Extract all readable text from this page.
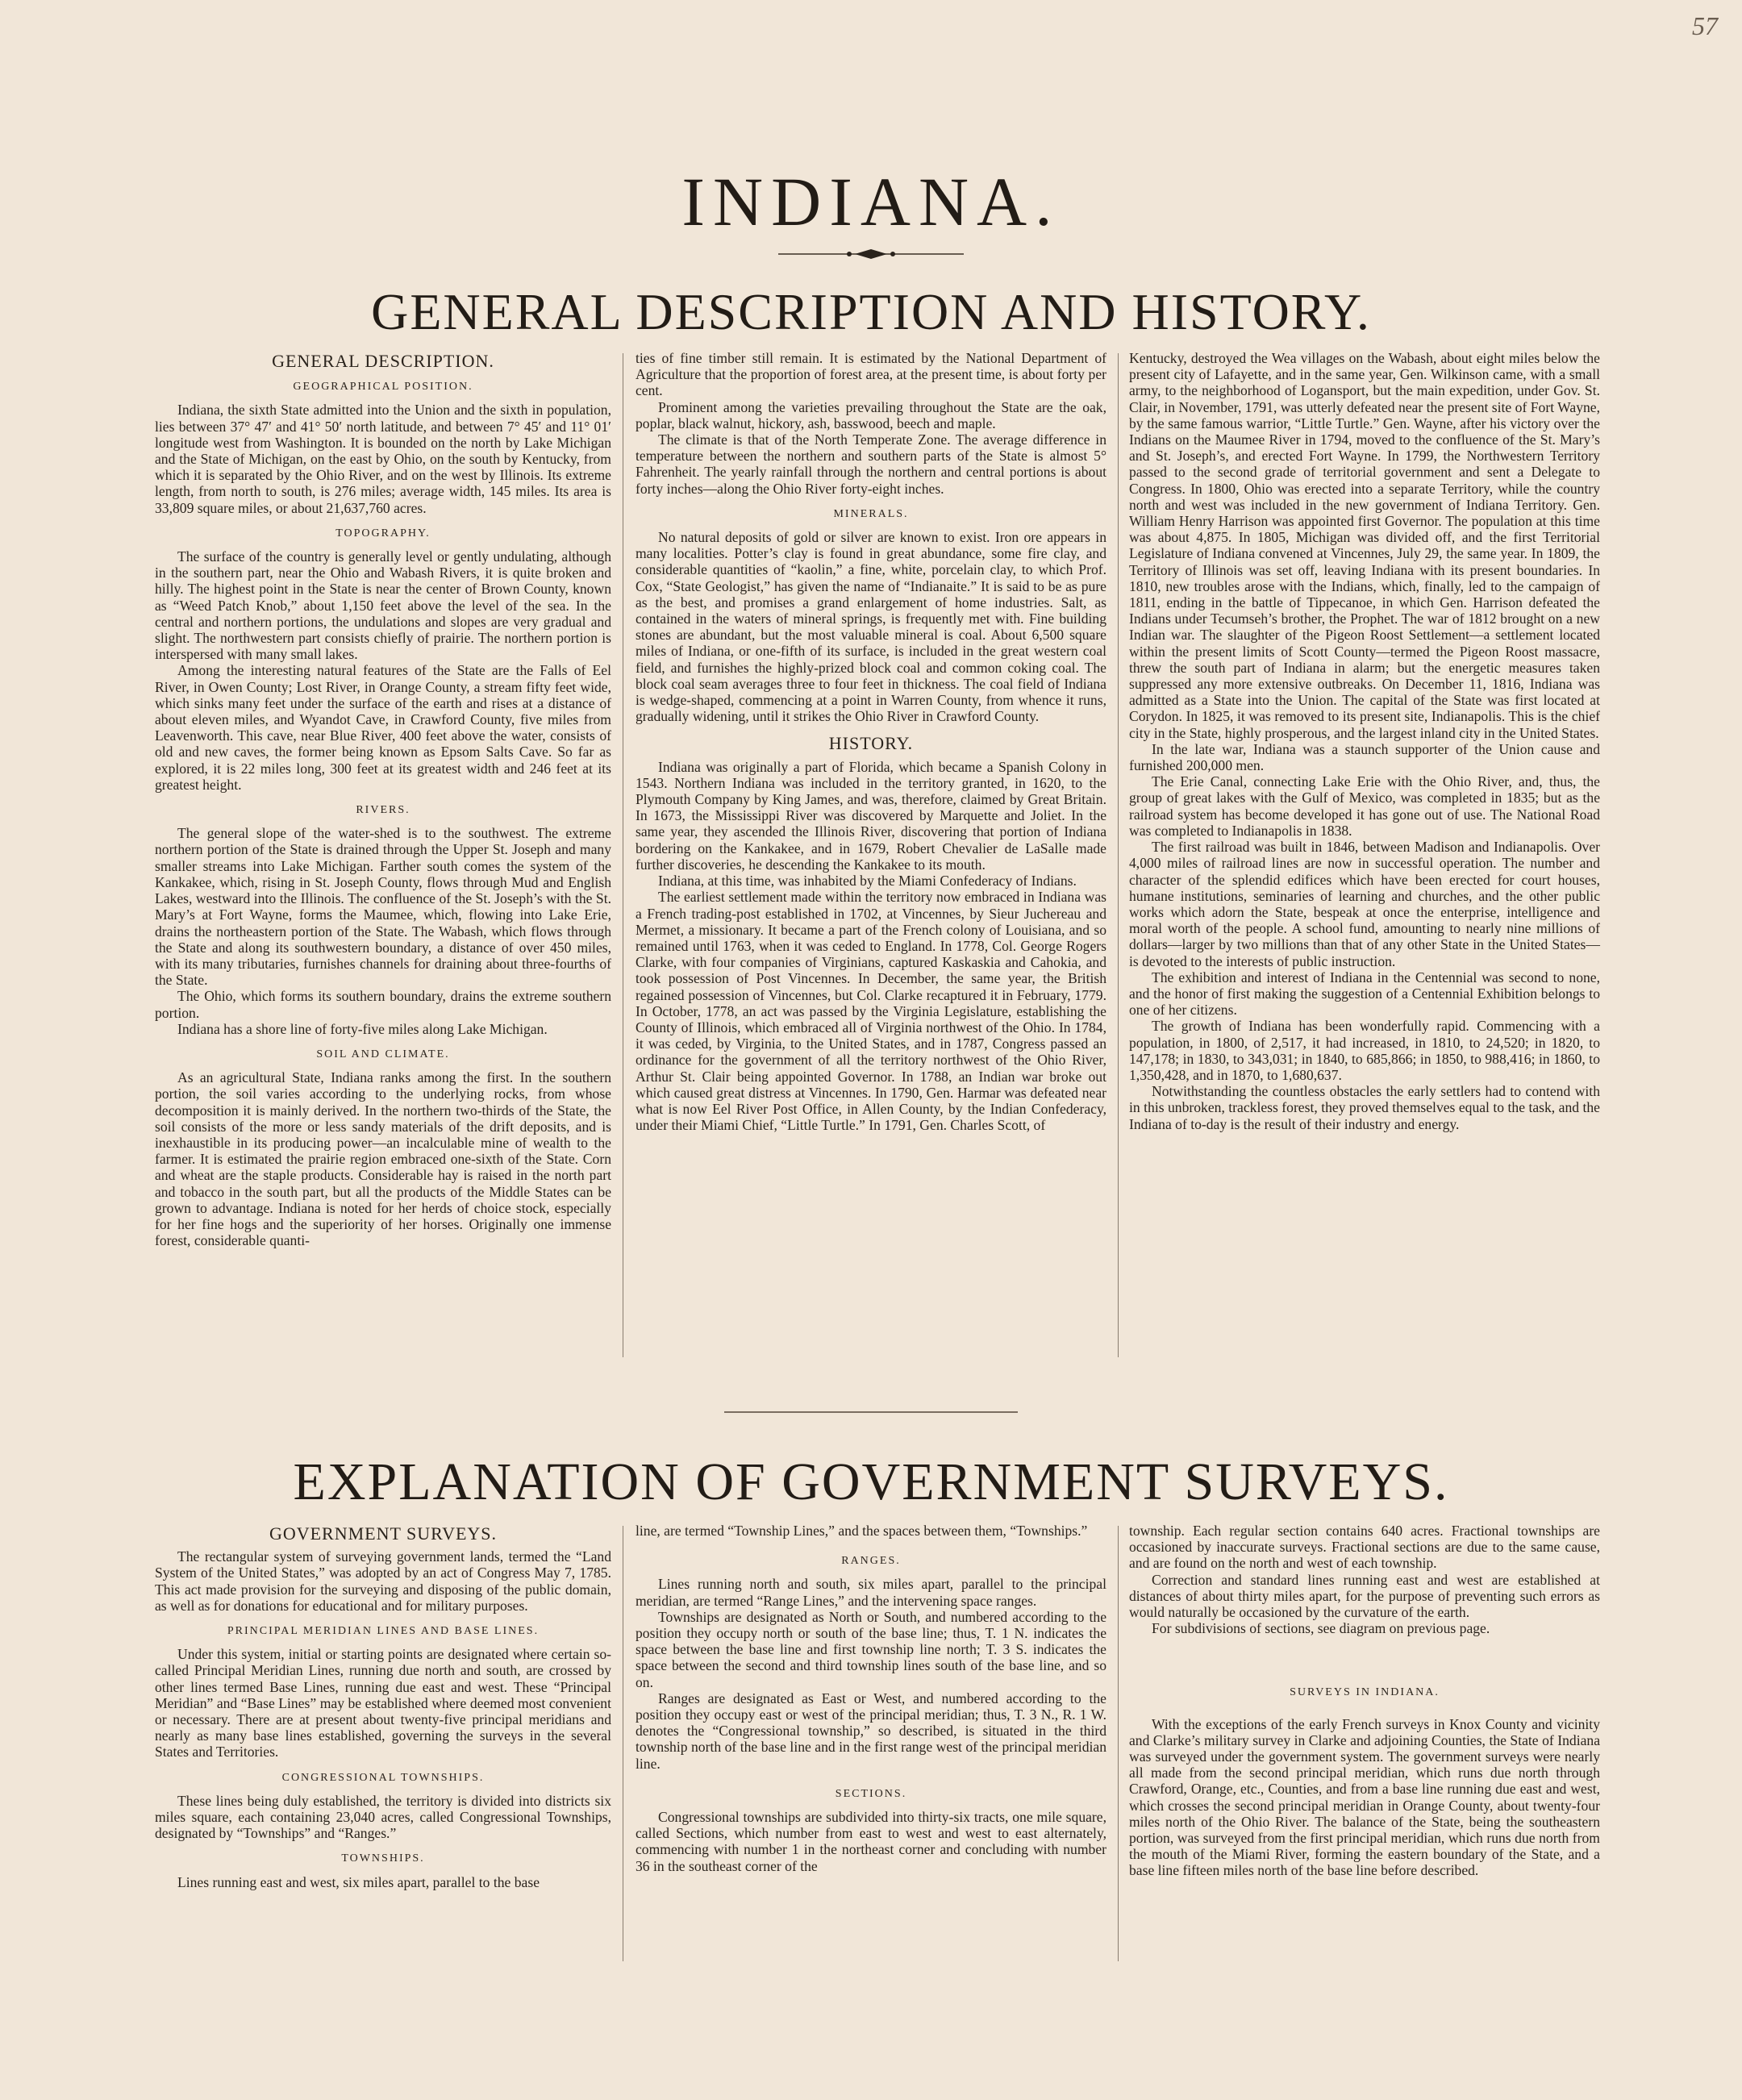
57
INDIANA.
GENERAL DESCRIPTION AND HISTORY.
GENERAL DESCRIPTION.
GEOGRAPHICAL POSITION.

Indiana, the sixth State admitted into the Union and the sixth in population, lies between 37° 47′ and 41° 50′ north latitude, and between 7° 45′ and 11° 01′ longitude west from Washington. It is bounded on the north by Lake Michigan and the State of Michigan, on the east by Ohio, on the south by Kentucky, from which it is separated by the Ohio River, and on the west by Illinois. Its extreme length, from north to south, is 276 miles; average width, 145 miles. Its area is 33,809 square miles, or about 21,637,760 acres.

TOPOGRAPHY.

The surface of the country is generally level or gently undulating, although in the southern part, near the Ohio and Wabash Rivers, it is quite broken and hilly. The highest point in the State is near the center of Brown County, known as “Weed Patch Knob,” about 1,150 feet above the level of the sea. In the central and northern portions, the undulations and slopes are very gradual and slight. The northwestern part consists chiefly of prairie. The northern portion is interspersed with many small lakes.

Among the interesting natural features of the State are the Falls of Eel River, in Owen County; Lost River, in Orange County, a stream fifty feet wide, which sinks many feet under the surface of the earth and rises at a distance of about eleven miles, and Wyandot Cave, in Crawford County, five miles from Leavenworth. This cave, near Blue River, 400 feet above the water, consists of old and new caves, the former being known as Epsom Salts Cave. So far as explored, it is 22 miles long, 300 feet at its greatest width and 246 feet at its greatest height.

RIVERS.

The general slope of the water-shed is to the southwest. The extreme northern portion of the State is drained through the Upper St. Joseph and many smaller streams into Lake Michigan. Farther south comes the system of the Kankakee, which, rising in St. Joseph County, flows through Mud and English Lakes, westward into the Illinois. The confluence of the St. Joseph’s with the St. Mary’s at Fort Wayne, forms the Maumee, which, flowing into Lake Erie, drains the northeastern portion of the State. The Wabash, which flows through the State and along its southwestern boundary, a distance of over 450 miles, with its many tributaries, furnishes channels for draining about three-fourths of the State.

The Ohio, which forms its southern boundary, drains the extreme southern portion.

Indiana has a shore line of forty-five miles along Lake Michigan.

SOIL AND CLIMATE.

As an agricultural State, Indiana ranks among the first. In the southern portion, the soil varies according to the underlying rocks, from whose decomposition it is mainly derived. In the northern two-thirds of the State, the soil consists of the more or less sandy materials of the drift deposits, and is inexhaustible in its producing power—an incalculable mine of wealth to the farmer. It is estimated the prairie region embraced one-sixth of the State. Corn and wheat are the staple products. Considerable hay is raised in the north part and tobacco in the south part, but all the products of the Middle States can be grown to advantage. Indiana is noted for her herds of choice stock, especially for her fine hogs and the superiority of her horses. Originally one immense forest, considerable quanti-

ties of fine timber still remain. It is estimated by the National Department of Agriculture that the proportion of forest area, at the present time, is about forty per cent.

Prominent among the varieties prevailing throughout the State are the oak, poplar, black walnut, hickory, ash, basswood, beech and maple.

The climate is that of the North Temperate Zone. The average difference in temperature between the northern and southern parts of the State is almost 5° Fahrenheit. The yearly rainfall through the northern and central portions is about forty inches—along the Ohio River forty-eight inches.

MINERALS.

No natural deposits of gold or silver are known to exist. Iron ore appears in many localities. Potter’s clay is found in great abundance, some fire clay, and considerable quantities of “kaolin,” a fine, white, porcelain clay, to which Prof. Cox, “State Geologist,” has given the name of “Indianaite.” It is said to be as pure as the best, and promises a grand enlargement of home industries. Salt, as contained in the waters of mineral springs, is frequently met with. Fine building stones are abundant, but the most valuable mineral is coal. About 6,500 square miles of Indiana, or one-fifth of its surface, is included in the great western coal field, and furnishes the highly-prized block coal and common coking coal. The block coal seam averages three to four feet in thickness. The coal field of Indiana is wedge-shaped, commencing at a point in Warren County, from whence it runs, gradually widening, until it strikes the Ohio River in Crawford County.

HISTORY.

Indiana was originally a part of Florida, which became a Spanish Colony in 1543. Northern Indiana was included in the territory granted, in 1620, to the Plymouth Company by King James, and was, therefore, claimed by Great Britain. In 1673, the Mississippi River was discovered by Marquette and Joliet. In the same year, they ascended the Illinois River, discovering that portion of Indiana bordering on the Kankakee, and in 1679, Robert Chevalier de LaSalle made further discoveries, he descending the Kankakee to its mouth.

Indiana, at this time, was inhabited by the Miami Confederacy of Indians.

The earliest settlement made within the territory now embraced in Indiana was a French trading-post established in 1702, at Vincennes, by Sieur Juchereau and Mermet, a missionary. It became a part of the French colony of Louisiana, and so remained until 1763, when it was ceded to England. In 1778, Col. George Rogers Clarke, with four companies of Virginians, captured Kaskaskia and Cahokia, and took possession of Post Vincennes. In December, the same year, the British regained possession of Vincennes, but Col. Clarke recaptured it in February, 1779. In October, 1778, an act was passed by the Virginia Legislature, establishing the County of Illinois, which embraced all of Virginia northwest of the Ohio. In 1784, it was ceded, by Virginia, to the United States, and in 1787, Congress passed an ordinance for the government of all the territory northwest of the Ohio River, Arthur St. Clair being appointed Governor. In 1788, an Indian war broke out which caused great distress at Vincennes. In 1790, Gen. Harmar was defeated near what is now Eel River Post Office, in Allen County, by the Indian Confederacy, under their Miami Chief, “Little Turtle.” In 1791, Gen. Charles Scott, of

Kentucky, destroyed the Wea villages on the Wabash, about eight miles below the present city of Lafayette, and in the same year, Gen. Wilkinson came, with a small army, to the neighborhood of Logansport, but the main expedition, under Gov. St. Clair, in November, 1791, was utterly defeated near the present site of Fort Wayne, by the same famous warrior, “Little Turtle.” Gen. Wayne, after his victory over the Indians on the Maumee River in 1794, moved to the confluence of the St. Mary’s and St. Joseph’s, and erected Fort Wayne. In 1799, the Northwestern Territory passed to the second grade of territorial government and sent a Delegate to Congress. In 1800, Ohio was erected into a separate Territory, while the country north and west was included in the new government of Indiana Territory. Gen. William Henry Harrison was appointed first Governor. The population at this time was about 4,875. In 1805, Michigan was divided off, and the first Territorial Legislature of Indiana convened at Vincennes, July 29, the same year. In 1809, the Territory of Illinois was set off, leaving Indiana with its present boundaries. In 1810, new troubles arose with the Indians, which, finally, led to the campaign of 1811, ending in the battle of Tippecanoe, in which Gen. Harrison defeated the Indians under Tecumseh’s brother, the Prophet. The war of 1812 brought on a new Indian war. The slaughter of the Pigeon Roost Settlement—a settlement located within the present limits of Scott County—termed the Pigeon Roost massacre, threw the south part of Indiana in alarm; but the energetic measures taken suppressed any more extensive outbreaks. On December 11, 1816, Indiana was admitted as a State into the Union. The capital of the State was first located at Corydon. In 1825, it was removed to its present site, Indianapolis. This is the chief city in the State, highly prosperous, and the largest inland city in the United States.

In the late war, Indiana was a staunch supporter of the Union cause and furnished 200,000 men.

The Erie Canal, connecting Lake Erie with the Ohio River, and, thus, the group of great lakes with the Gulf of Mexico, was completed in 1835; but as the railroad system has become developed it has gone out of use. The National Road was completed to Indianapolis in 1838.

The first railroad was built in 1846, between Madison and Indianapolis. Over 4,000 miles of railroad lines are now in successful operation. The number and character of the splendid edifices which have been erected for court houses, humane institutions, seminaries of learning and churches, and the other public works which adorn the State, bespeak at once the enterprise, intelligence and moral worth of the people. A school fund, amounting to nearly nine millions of dollars—larger by two millions than that of any other State in the United States—is devoted to the interests of public instruction.

The exhibition and interest of Indiana in the Centennial was second to none, and the honor of first making the suggestion of a Centennial Exhibition belongs to one of her citizens.

The growth of Indiana has been wonderfully rapid. Commencing with a population, in 1800, of 2,517, it had increased, in 1810, to 24,520; in 1820, to 147,178; in 1830, to 343,031; in 1840, to 685,866; in 1850, to 988,416; in 1860, to 1,350,428, and in 1870, to 1,680,637.

Notwithstanding the countless obstacles the early settlers had to contend with in this unbroken, trackless forest, they proved themselves equal to the task, and the Indiana of to-day is the result of their industry and energy.

EXPLANATION OF GOVERNMENT SURVEYS.
GOVERNMENT SURVEYS.

The rectangular system of surveying government lands, termed the “Land System of the United States,” was adopted by an act of Congress May 7, 1785. This act made provision for the surveying and disposing of the public domain, as well as for donations for educational and for military purposes.

PRINCIPAL MERIDIAN LINES AND BASE LINES.

Under this system, initial or starting points are designated where certain so-called Principal Meridian Lines, running due north and south, are crossed by other lines termed Base Lines, running due east and west. These “Principal Meridian” and “Base Lines” may be established where deemed most convenient or necessary. There are at present about twenty-five principal meridians and nearly as many base lines established, governing the surveys in the several States and Territories.

CONGRESSIONAL TOWNSHIPS.

These lines being duly established, the territory is divided into districts six miles square, each containing 23,040 acres, called Congressional Townships, designated by “Townships” and “Ranges.”

TOWNSHIPS.

Lines running east and west, six miles apart, parallel to the base

line, are termed “Township Lines,” and the spaces between them, “Townships.”

RANGES.

Lines running north and south, six miles apart, parallel to the principal meridian, are termed “Range Lines,” and the intervening space ranges.

Townships are designated as North or South, and numbered according to the position they occupy north or south of the base line; thus, T. 1 N. indicates the space between the base line and first township line north; T. 3 S. indicates the space between the second and third township lines south of the base line, and so on.

Ranges are designated as East or West, and numbered according to the position they occupy east or west of the principal meridian; thus, T. 3 N., R. 1 W. denotes the “Congressional township,” so described, is situated in the third township north of the base line and in the first range west of the principal meridian line.

SECTIONS.

Congressional townships are subdivided into thirty-six tracts, one mile square, called Sections, which number from east to west and west to east alternately, commencing with number 1 in the northeast corner and concluding with number 36 in the southeast corner of the

township. Each regular section contains 640 acres. Fractional townships are occasioned by inaccurate surveys. Fractional sections are due to the same cause, and are found on the north and west of each township.

Correction and standard lines running east and west are established at distances of about thirty miles apart, for the purpose of preventing such errors as would naturally be occasioned by the curvature of the earth.

For subdivisions of sections, see diagram on previous page.

SURVEYS IN INDIANA.

With the exceptions of the early French surveys in Knox County and vicinity and Clarke’s military survey in Clarke and adjoining Counties, the State of Indiana was surveyed under the government system. The government surveys were nearly all made from the second principal meridian, which runs due north through Crawford, Orange, etc., Counties, and from a base line running due east and west, which crosses the second principal meridian in Orange County, about twenty-four miles north of the Ohio River. The balance of the State, being the southeastern portion, was surveyed from the first principal meridian, which runs due north from the mouth of the Miami River, forming the eastern boundary of the State, and a base line fifteen miles north of the base line before described.
